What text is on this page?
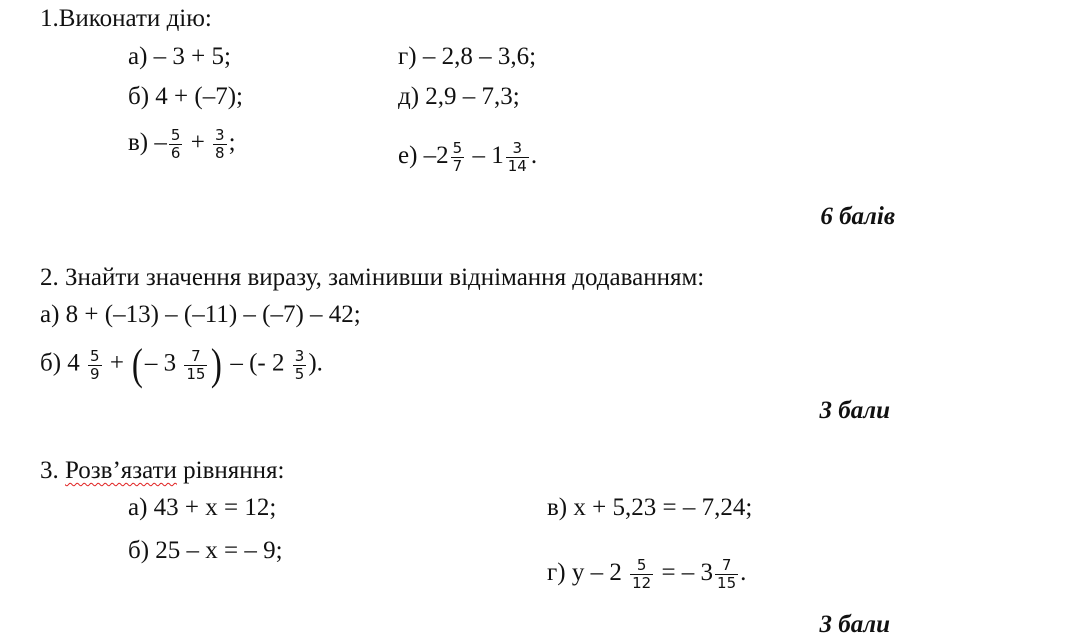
1.Виконати дію:
а) – 3 + 5;
б) 4 + (–7);
$в) - \frac{5}{6} + \frac{3}{8}$ ;
г) – 2,8 – 3,6;
д) 2,9 – 7,3;
е) $-2 \frac{5}{7} - 1 \frac{3}{14}$ .
6 балів
2. Знайти значення виразу, замінивши віднімання додаванням:
а) 8 + (–13) – (–11) – (–7) – 42;
б) $4 \frac{5}{9}$ + (– $3 \frac{7}{15}$ ) – (- $2 \frac{3}{5}$ ).
3 бали
3. Розв’язати рівняння:
а) 43 + х = 12;
б) 25 – х = – 9;
в) х + 5,23 = – 7,24;
г) у – $2 \frac{5}{12}$ = – $3 \frac{7}{15}$ .
3 бали
